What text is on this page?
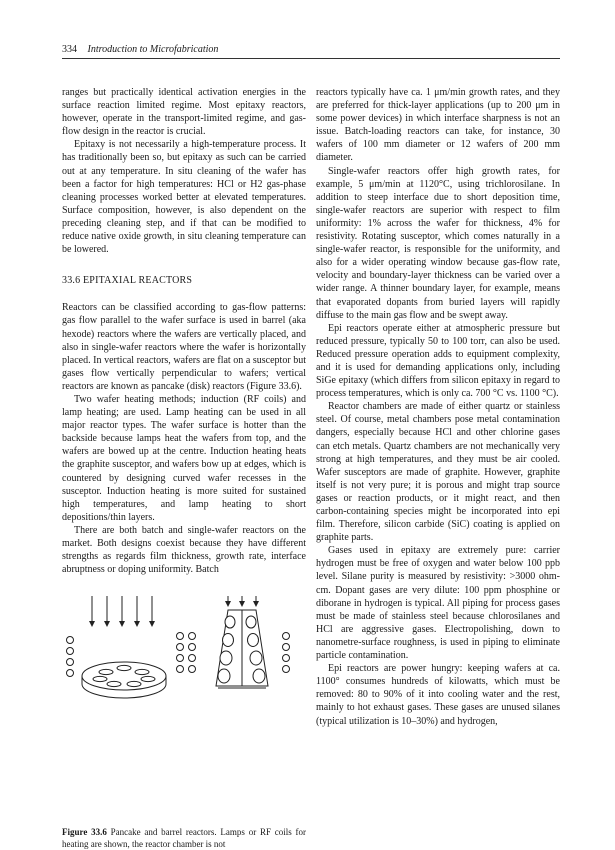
334 Introduction to Microfabrication

ranges but practically identical activation energies in the surface reaction limited regime. Most epitaxy reactors, however, operate in the transport-limited regime, and gas-flow design in the reactor is crucial.

Epitaxy is not necessarily a high-temperature process. It has traditionally been so, but epitaxy as such can be carried out at any temperature. In situ cleaning of the wafer has been a factor for high temperatures: HCl or H2 gas-phase cleaning processes worked better at elevated temperatures. Surface composition, however, is also dependent on the preceding cleaning step, and if that can be modified to reduce native oxide growth, in situ cleaning temperature can be lowered.

33.6 EPITAXIAL REACTORS

Reactors can be classified according to gas-flow patterns: gas flow parallel to the wafer surface is used in barrel (aka hexode) reactors where the wafers are vertically placed, and also in single-wafer reactors where the wafer is horizontally placed. In vertical reactors, wafers are flat on a susceptor but gases flow vertically perpendicular to wafers; vertical reactors are known as pancake (disk) reactors (Figure 33.6).

Two wafer heating methods; induction (RF coils) and lamp heating; are used. Lamp heating can be used in all major reactor types. The wafer surface is hotter than the backside because lamps heat the wafers from top, and the wafers are bowed up at the centre. Induction heating heats the graphite susceptor, and wafers bow up at edges, which is countered by designing curved wafer recesses in the susceptor. Induction heating is more suited for sustained high temperatures, and lamp heating to short depositions/thin layers.

There are both batch and single-wafer reactors on the market. Both designs coexist because they have different strengths as regards film thickness, growth rate, interface abruptness or doping uniformity. Batch

reactors typically have ca. 1 μm/min growth rates, and they are preferred for thick-layer applications (up to 200 μm in some power devices) in which interface sharpness is not an issue. Batch-loading reactors can take, for instance, 30 wafers of 100 mm diameter or 12 wafers of 200 mm diameter.

Single-wafer reactors offer high growth rates, for example, 5 μm/min at 1120°C, using trichlorosilane. In addition to steep interface due to short deposition time, single-wafer reactors are superior with respect to film uniformity: 1% across the wafer for thickness, 4% for resistivity. Rotating susceptor, which comes naturally in a single-wafer reactor, is responsible for the uniformity, and also for a wider operating window because gas-flow rate, velocity and boundary-layer thickness can be varied over a wider range. A thinner boundary layer, for example, means that evaporated dopants from buried layers will rapidly diffuse to the main gas flow and be swept away.

Epi reactors operate either at atmospheric pressure but reduced pressure, typically 50 to 100 torr, can also be used. Reduced pressure operation adds to equipment complexity, and it is used for demanding applications only, including SiGe epitaxy (which differs from silicon epitaxy in regard to process temperatures, which is only ca. 700 °C vs. 1100 °C).

Reactor chambers are made of either quartz or stainless steel. Of course, metal chambers pose metal contamination dangers, especially because HCl and other chlorine gases can etch metals. Quartz chambers are not mechanically very strong at high temperatures, and they must be air cooled. Wafer susceptors are made of graphite. However, graphite itself is not very pure; it is porous and might trap source gases or reaction products, or it might react, and then carbon-containing species might be incorporated into epi film. Therefore, silicon carbide (SiC) coating is applied on graphite parts.

Gases used in epitaxy are extremely pure: carrier hydrogen must be free of oxygen and water below 100 ppb level. Silane purity is measured by resistivity: >3000 ohm-cm. Dopant gases are very dilute: 100 ppm phosphine or diborane in hydrogen is typical. All piping for process gases must be made of stainless steel because chlorosilanes and HCl are aggressive gases. Electropolishing, down to nanometre-surface roughness, is used in piping to eliminate particle contamination.

Epi reactors are power hungry: keeping wafers at ca. 1100° consumes hundreds of kilowatts, which must be removed: 80 to 90% of it into cooling water and the rest, mainly to hot exhaust gases. These gases are unused silanes (typical utilization is 10–30%) and hydrogen,

Figure 33.6 Pancake and barrel reactors. Lamps or RF coils for heating are shown, the reactor chamber is not
